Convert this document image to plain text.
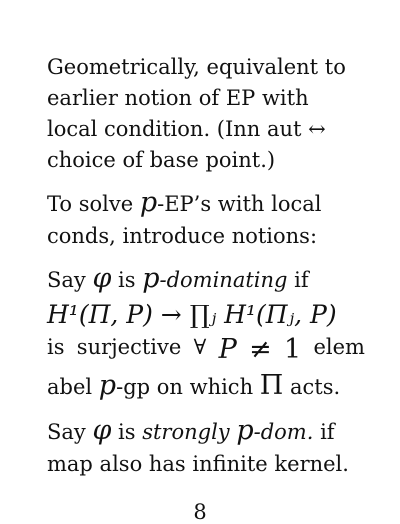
Geometrically, equivalent to

earlier notion of EP with

local condition. (Inn aut ↔

choice of base point.)

To solve p-EP’s with local

conds, introduce notions:

Say φ is p-dominating if

H¹(Π, P) → ∏ⱼ H¹(Πⱼ, P)

is surjective ∀ P ≠ 1 elem

abel p-gp on which Π acts.

Say φ is strongly p-dom. if

map also has infinite kernel.

8
